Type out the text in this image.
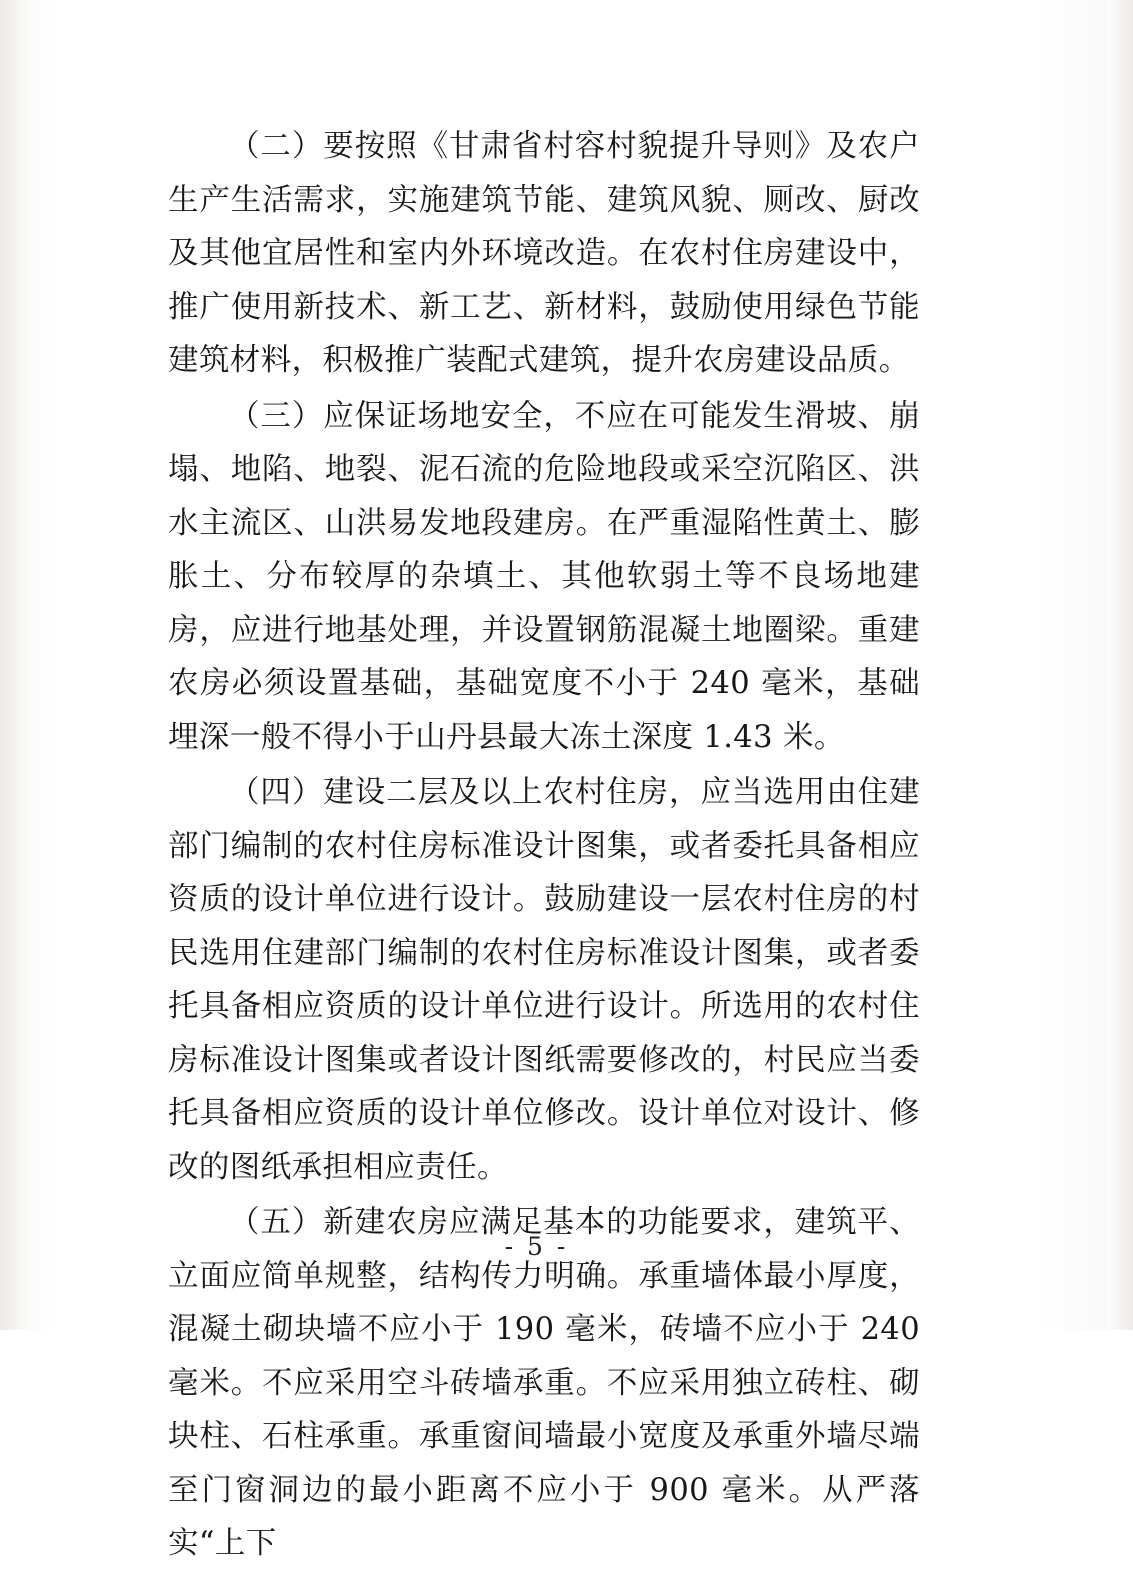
（二）要按照《甘肃省村容村貌提升导则》及农户生产生活需求，实施建筑节能、建筑风貌、厕改、厨改及其他宜居性和室内外环境改造。在农村住房建设中，推广使用新技术、新工艺、新材料，鼓励使用绿色节能建筑材料，积极推广装配式建筑，提升农房建设品质。

（三）应保证场地安全，不应在可能发生滑坡、崩塌、地陷、地裂、泥石流的危险地段或采空沉陷区、洪水主流区、山洪易发地段建房。在严重湿陷性黄土、膨胀土、分布较厚的杂填土、其他软弱土等不良场地建房，应进行地基处理，并设置钢筋混凝土地圈梁。重建农房必须设置基础，基础宽度不小于 240 毫米，基础埋深一般不得小于山丹县最大冻土深度 1.43 米。

（四）建设二层及以上农村住房，应当选用由住建部门编制的农村住房标准设计图集，或者委托具备相应资质的设计单位进行设计。鼓励建设一层农村住房的村民选用住建部门编制的农村住房标准设计图集，或者委托具备相应资质的设计单位进行设计。所选用的农村住房标准设计图集或者设计图纸需要修改的，村民应当委托具备相应资质的设计单位修改。设计单位对设计、修改的图纸承担相应责任。

（五）新建农房应满足基本的功能要求，建筑平、立面应简单规整，结构传力明确。承重墙体最小厚度，混凝土砌块墙不应小于 190 毫米，砖墙不应小于 240 毫米。不应采用空斗砖墙承重。不应采用独立砖柱、砌块柱、石柱承重。承重窗间墙最小宽度及承重外墙尽端至门窗洞边的最小距离不应小于 900 毫米。从严落实“上下

- 5 -
